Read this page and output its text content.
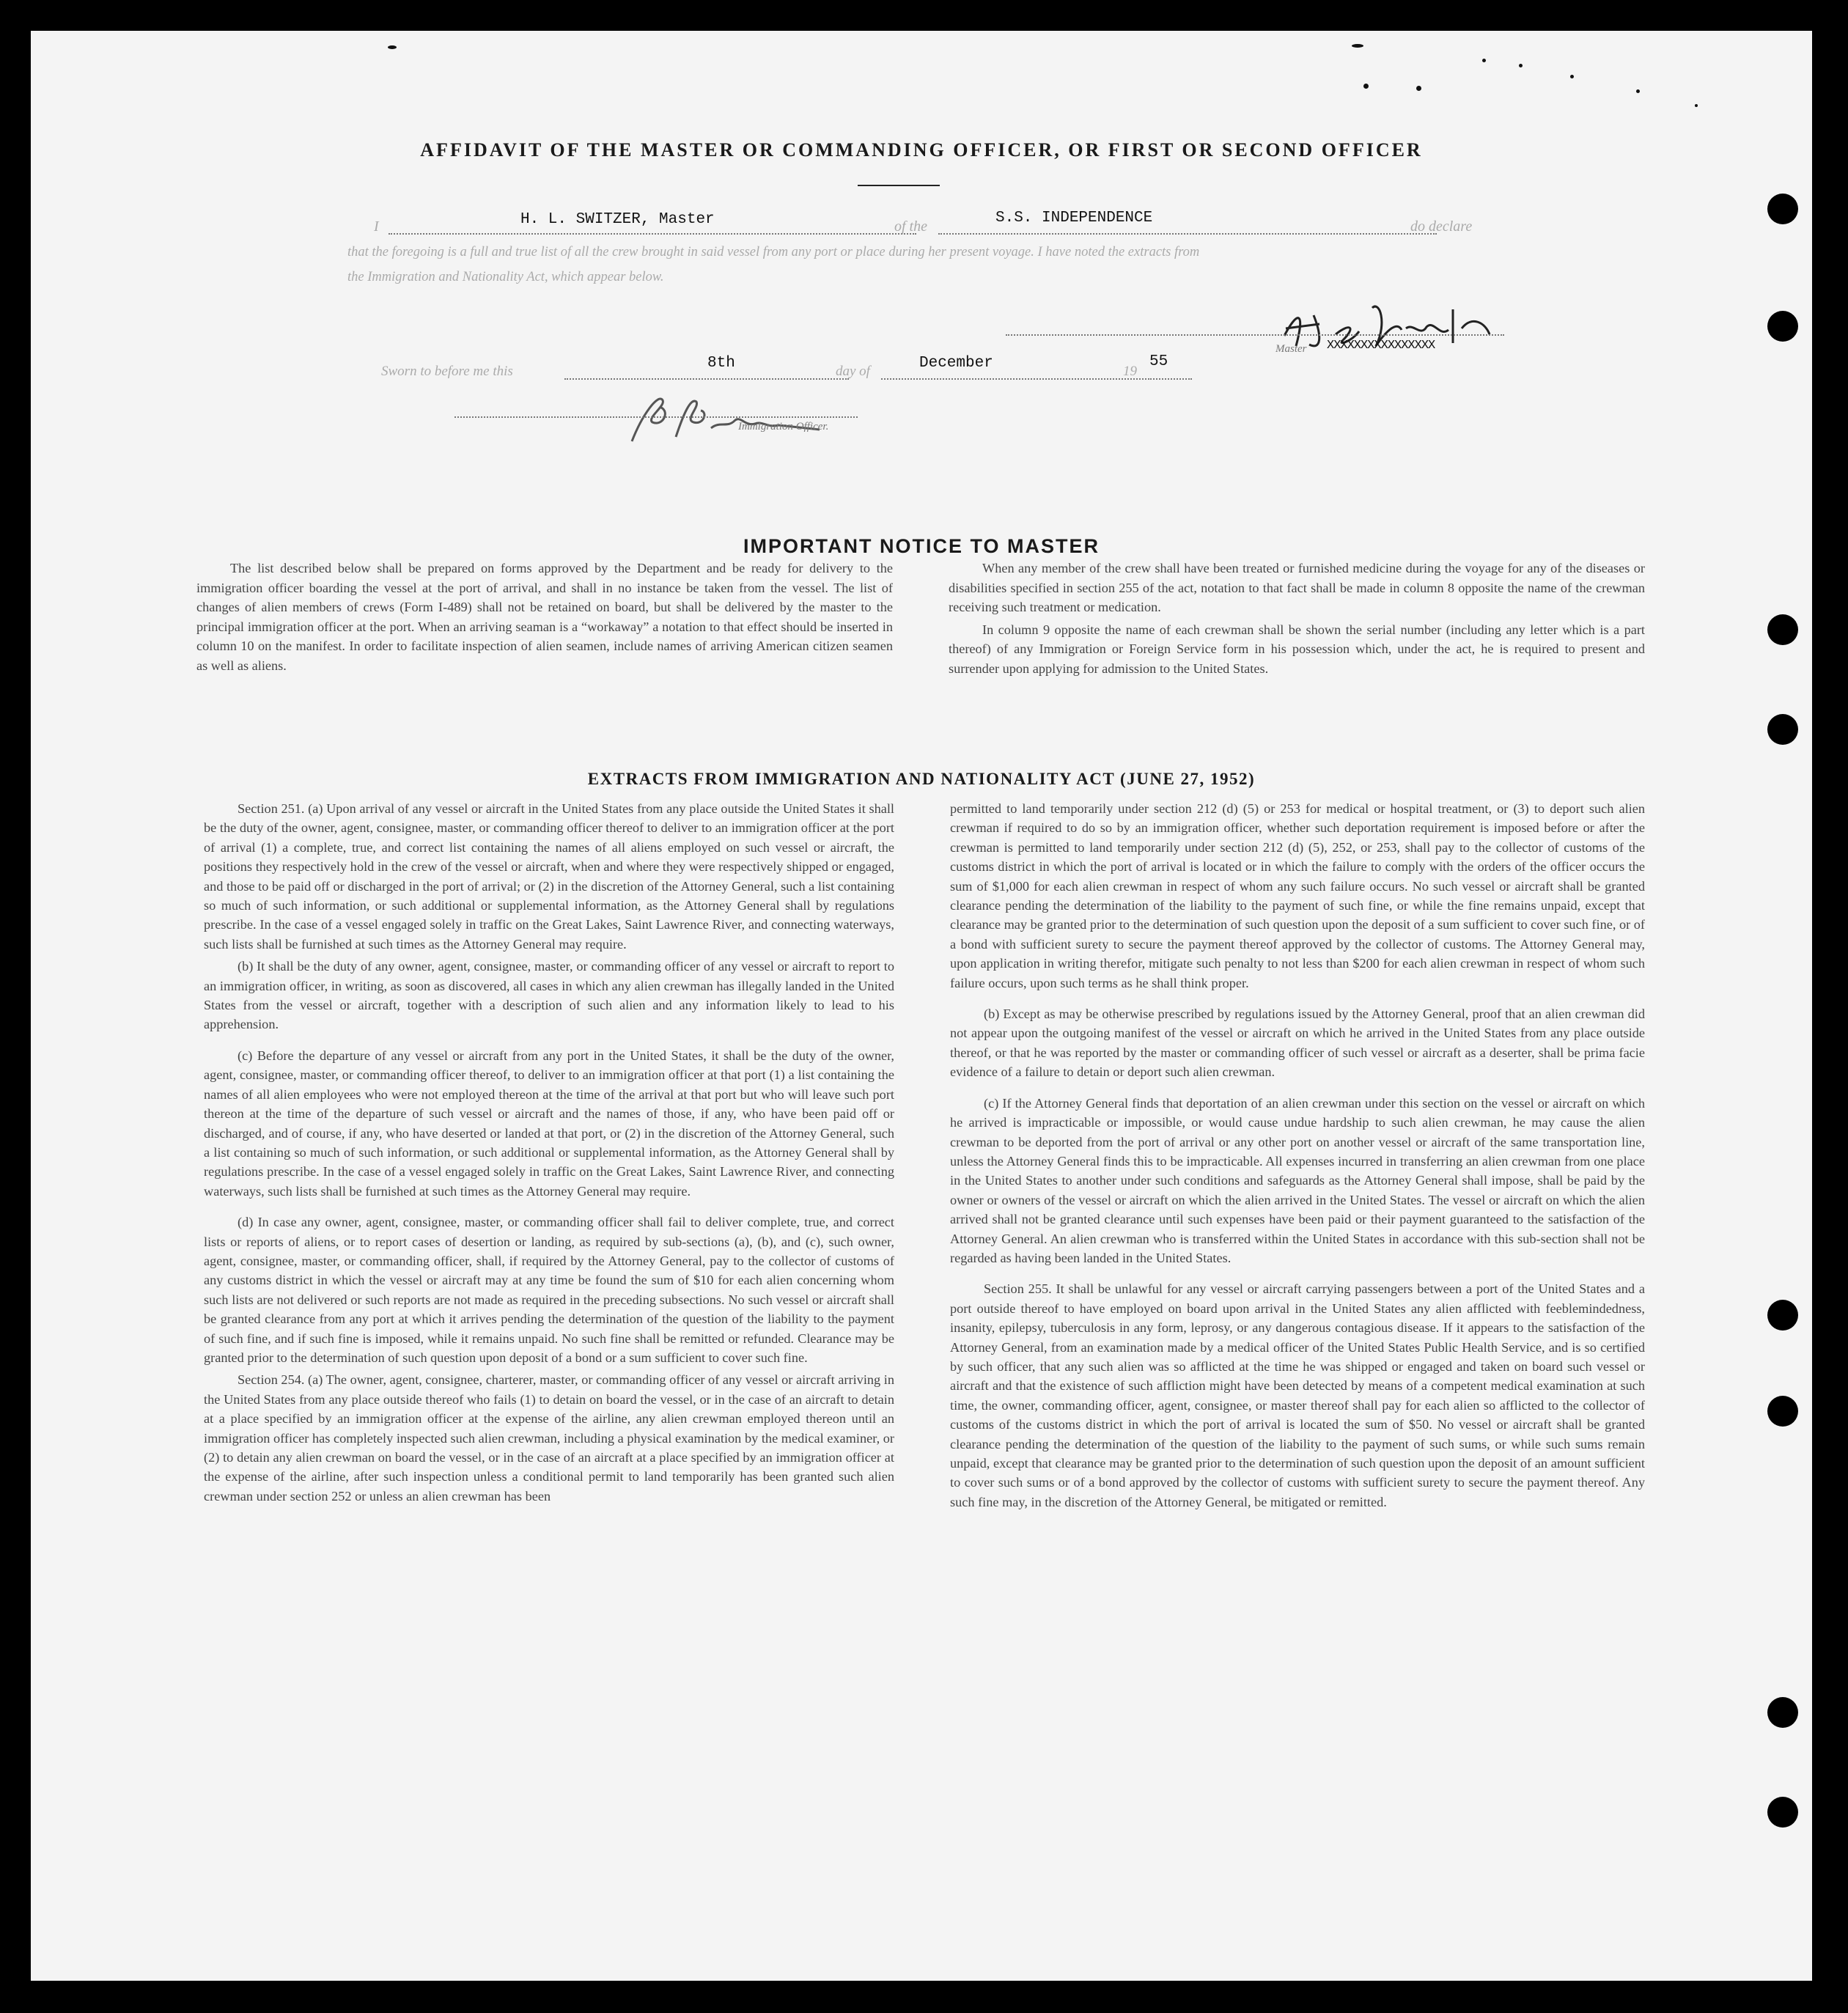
AFFIDAVIT OF THE MASTER OR COMMANDING OFFICER, OR FIRST OR SECOND OFFICER
I	H. L. SWITZER, Master	of the	S.S. INDEPENDENCE	do declare
that the foregoing is a full and true list of all the crew brought in said vessel from any port or place during her present voyage. I have noted the extracts from
the Immigration and Nationality Act, which appear below.
Master XXXXXXXXXXXXXXXX
Sworn to before me this	8th	day of	December	19
55
Immigration Officer.
IMPORTANT NOTICE TO MASTER

The list described below shall be prepared on forms approved by the Department and be ready for delivery to the immigration officer boarding the vessel at the port of arrival, and shall in no instance be taken from the vessel. The list of changes of alien members of crews (Form I-489) shall not be retained on board, but shall be delivered by the master to the principal immigration officer at the port. When an arriving seaman is a “workaway” a notation to that effect should be inserted in column 10 on the manifest. In order to facilitate inspection of alien seamen, include names of arriving American citizen seamen as well as aliens.

When any member of the crew shall have been treated or furnished medicine during the voyage for any of the diseases or disabilities specified in section 255 of the act, notation to that fact shall be made in column 8 opposite the name of the crewman receiving such treatment or medication.

In column 9 opposite the name of each crewman shall be shown the serial number (including any letter which is a part thereof) of any Immigration or Foreign Service form in his possession which, under the act, he is required to present and surrender upon applying for admission to the United States.

EXTRACTS FROM IMMIGRATION AND NATIONALITY ACT (JUNE 27, 1952)

Section 251. (a) Upon arrival of any vessel or aircraft in the United States from any place outside the United States it shall be the duty of the owner, agent, consignee, master, or commanding officer thereof to deliver to an immigration officer at the port of arrival (1) a complete, true, and correct list containing the names of all aliens employed on such vessel or aircraft, the positions they respectively hold in the crew of the vessel or aircraft, when and where they were respectively shipped or engaged, and those to be paid off or discharged in the port of arrival; or (2) in the discretion of the Attorney General, such a list containing so much of such information, or such additional or supplemental information, as the Attorney General shall by regulations prescribe. In the case of a vessel engaged solely in traffic on the Great Lakes, Saint Lawrence River, and connecting waterways, such lists shall be furnished at such times as the Attorney General may require.

(b) It shall be the duty of any owner, agent, consignee, master, or commanding officer of any vessel or aircraft to report to an immigration officer, in writing, as soon as discovered, all cases in which any alien crewman has illegally landed in the United States from the vessel or aircraft, together with a description of such alien and any information likely to lead to his apprehension.

(c) Before the departure of any vessel or aircraft from any port in the United States, it shall be the duty of the owner, agent, consignee, master, or commanding officer thereof, to deliver to an immigration officer at that port (1) a list containing the names of all alien employees who were not employed thereon at the time of the arrival at that port but who will leave such port thereon at the time of the departure of such vessel or aircraft and the names of those, if any, who have been paid off or discharged, and of course, if any, who have deserted or landed at that port, or (2) in the discretion of the Attorney General, such a list containing so much of such information, or such additional or supplemental information, as the Attorney General shall by regulations prescribe. In the case of a vessel engaged solely in traffic on the Great Lakes, Saint Lawrence River, and connecting waterways, such lists shall be furnished at such times as the Attorney General may require.

(d) In case any owner, agent, consignee, master, or commanding officer shall fail to deliver complete, true, and correct lists or reports of aliens, or to report cases of desertion or landing, as required by sub-sections (a), (b), and (c), such owner, agent, consignee, master, or commanding officer, shall, if required by the Attorney General, pay to the collector of customs of any customs district in which the vessel or aircraft may at any time be found the sum of $10 for each alien concerning whom such lists are not delivered or such reports are not made as required in the preceding subsections. No such vessel or aircraft shall be granted clearance from any port at which it arrives pending the determination of the question of the liability to the payment of such fine, and if such fine is imposed, while it remains unpaid. No such fine shall be remitted or refunded. Clearance may be granted prior to the determination of such question upon deposit of a bond or a sum sufficient to cover such fine.

Section 254. (a) The owner, agent, consignee, charterer, master, or commanding officer of any vessel or aircraft arriving in the United States from any place outside thereof who fails (1) to detain on board the vessel, or in the case of an aircraft to detain at a place specified by an immigration officer at the expense of the airline, any alien crewman employed thereon until an immigration officer has completely inspected such alien crewman, including a physical examination by the medical examiner, or (2) to detain any alien crewman on board the vessel, or in the case of an aircraft at a place specified by an immigration officer at the expense of the airline, after such inspection unless a conditional permit to land temporarily has been granted such alien crewman under section 252 or unless an alien crewman has been

permitted to land temporarily under section 212 (d) (5) or 253 for medical or hospital treatment, or (3) to deport such alien crewman if required to do so by an immigration officer, whether such deportation requirement is imposed before or after the crewman is permitted to land temporarily under section 212 (d) (5), 252, or 253, shall pay to the collector of customs of the customs district in which the port of arrival is located or in which the failure to comply with the orders of the officer occurs the sum of $1,000 for each alien crewman in respect of whom any such failure occurs. No such vessel or aircraft shall be granted clearance pending the determination of the liability to the payment of such fine, or while the fine remains unpaid, except that clearance may be granted prior to the determination of such question upon the deposit of a sum sufficient to cover such fine, or of a bond with sufficient surety to secure the payment thereof approved by the collector of customs. The Attorney General may, upon application in writing therefor, mitigate such penalty to not less than $200 for each alien crewman in respect of whom such failure occurs, upon such terms as he shall think proper.

(b) Except as may be otherwise prescribed by regulations issued by the Attorney General, proof that an alien crewman did not appear upon the outgoing manifest of the vessel or aircraft on which he arrived in the United States from any place outside thereof, or that he was reported by the master or commanding officer of such vessel or aircraft as a deserter, shall be prima facie evidence of a failure to detain or deport such alien crewman.

(c) If the Attorney General finds that deportation of an alien crewman under this section on the vessel or aircraft on which he arrived is impracticable or impossible, or would cause undue hardship to such alien crewman, he may cause the alien crewman to be deported from the port of arrival or any other port on another vessel or aircraft of the same transportation line, unless the Attorney General finds this to be impracticable. All expenses incurred in transferring an alien crewman from one place in the United States to another under such conditions and safeguards as the Attorney General shall impose, shall be paid by the owner or owners of the vessel or aircraft on which the alien arrived in the United States. The vessel or aircraft on which the alien arrived shall not be granted clearance until such expenses have been paid or their payment guaranteed to the satisfaction of the Attorney General. An alien crewman who is transferred within the United States in accordance with this sub-section shall not be regarded as having been landed in the United States.

Section 255. It shall be unlawful for any vessel or aircraft carrying passengers between a port of the United States and a port outside thereof to have employed on board upon arrival in the United States any alien afflicted with feeblemindedness, insanity, epilepsy, tuberculosis in any form, leprosy, or any dangerous contagious disease. If it appears to the satisfaction of the Attorney General, from an examination made by a medical officer of the United States Public Health Service, and is so certified by such officer, that any such alien was so afflicted at the time he was shipped or engaged and taken on board such vessel or aircraft and that the existence of such affliction might have been detected by means of a competent medical examination at such time, the owner, commanding officer, agent, consignee, or master thereof shall pay for each alien so afflicted to the collector of customs of the customs district in which the port of arrival is located the sum of $50. No vessel or aircraft shall be granted clearance pending the determination of the question of the liability to the payment of such sums, or while such sums remain unpaid, except that clearance may be granted prior to the determination of such question upon the deposit of an amount sufficient to cover such sums or of a bond approved by the collector of customs with sufficient surety to secure the payment thereof. Any such fine may, in the discretion of the Attorney General, be mitigated or remitted.
